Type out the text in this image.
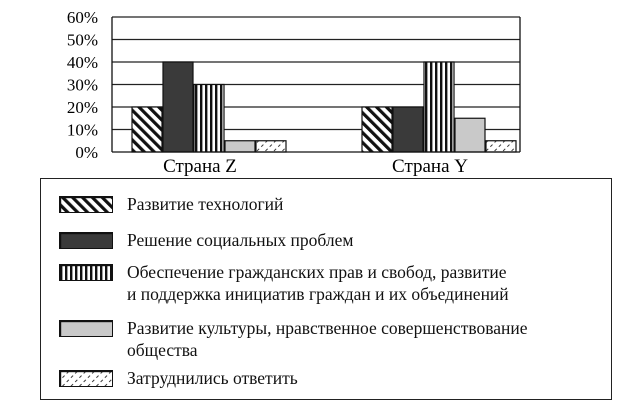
0%
10%
20%
30%
40%
50%
60%
Страна Z	Страна Y
Развитие технологий
Решение социальных проблем
Обеспечение гражданских прав и свобод, развитие
и поддержка инициатив граждан и их объединений
Развитие культуры, нравственное совершенствование
общества
Затруднились ответить
